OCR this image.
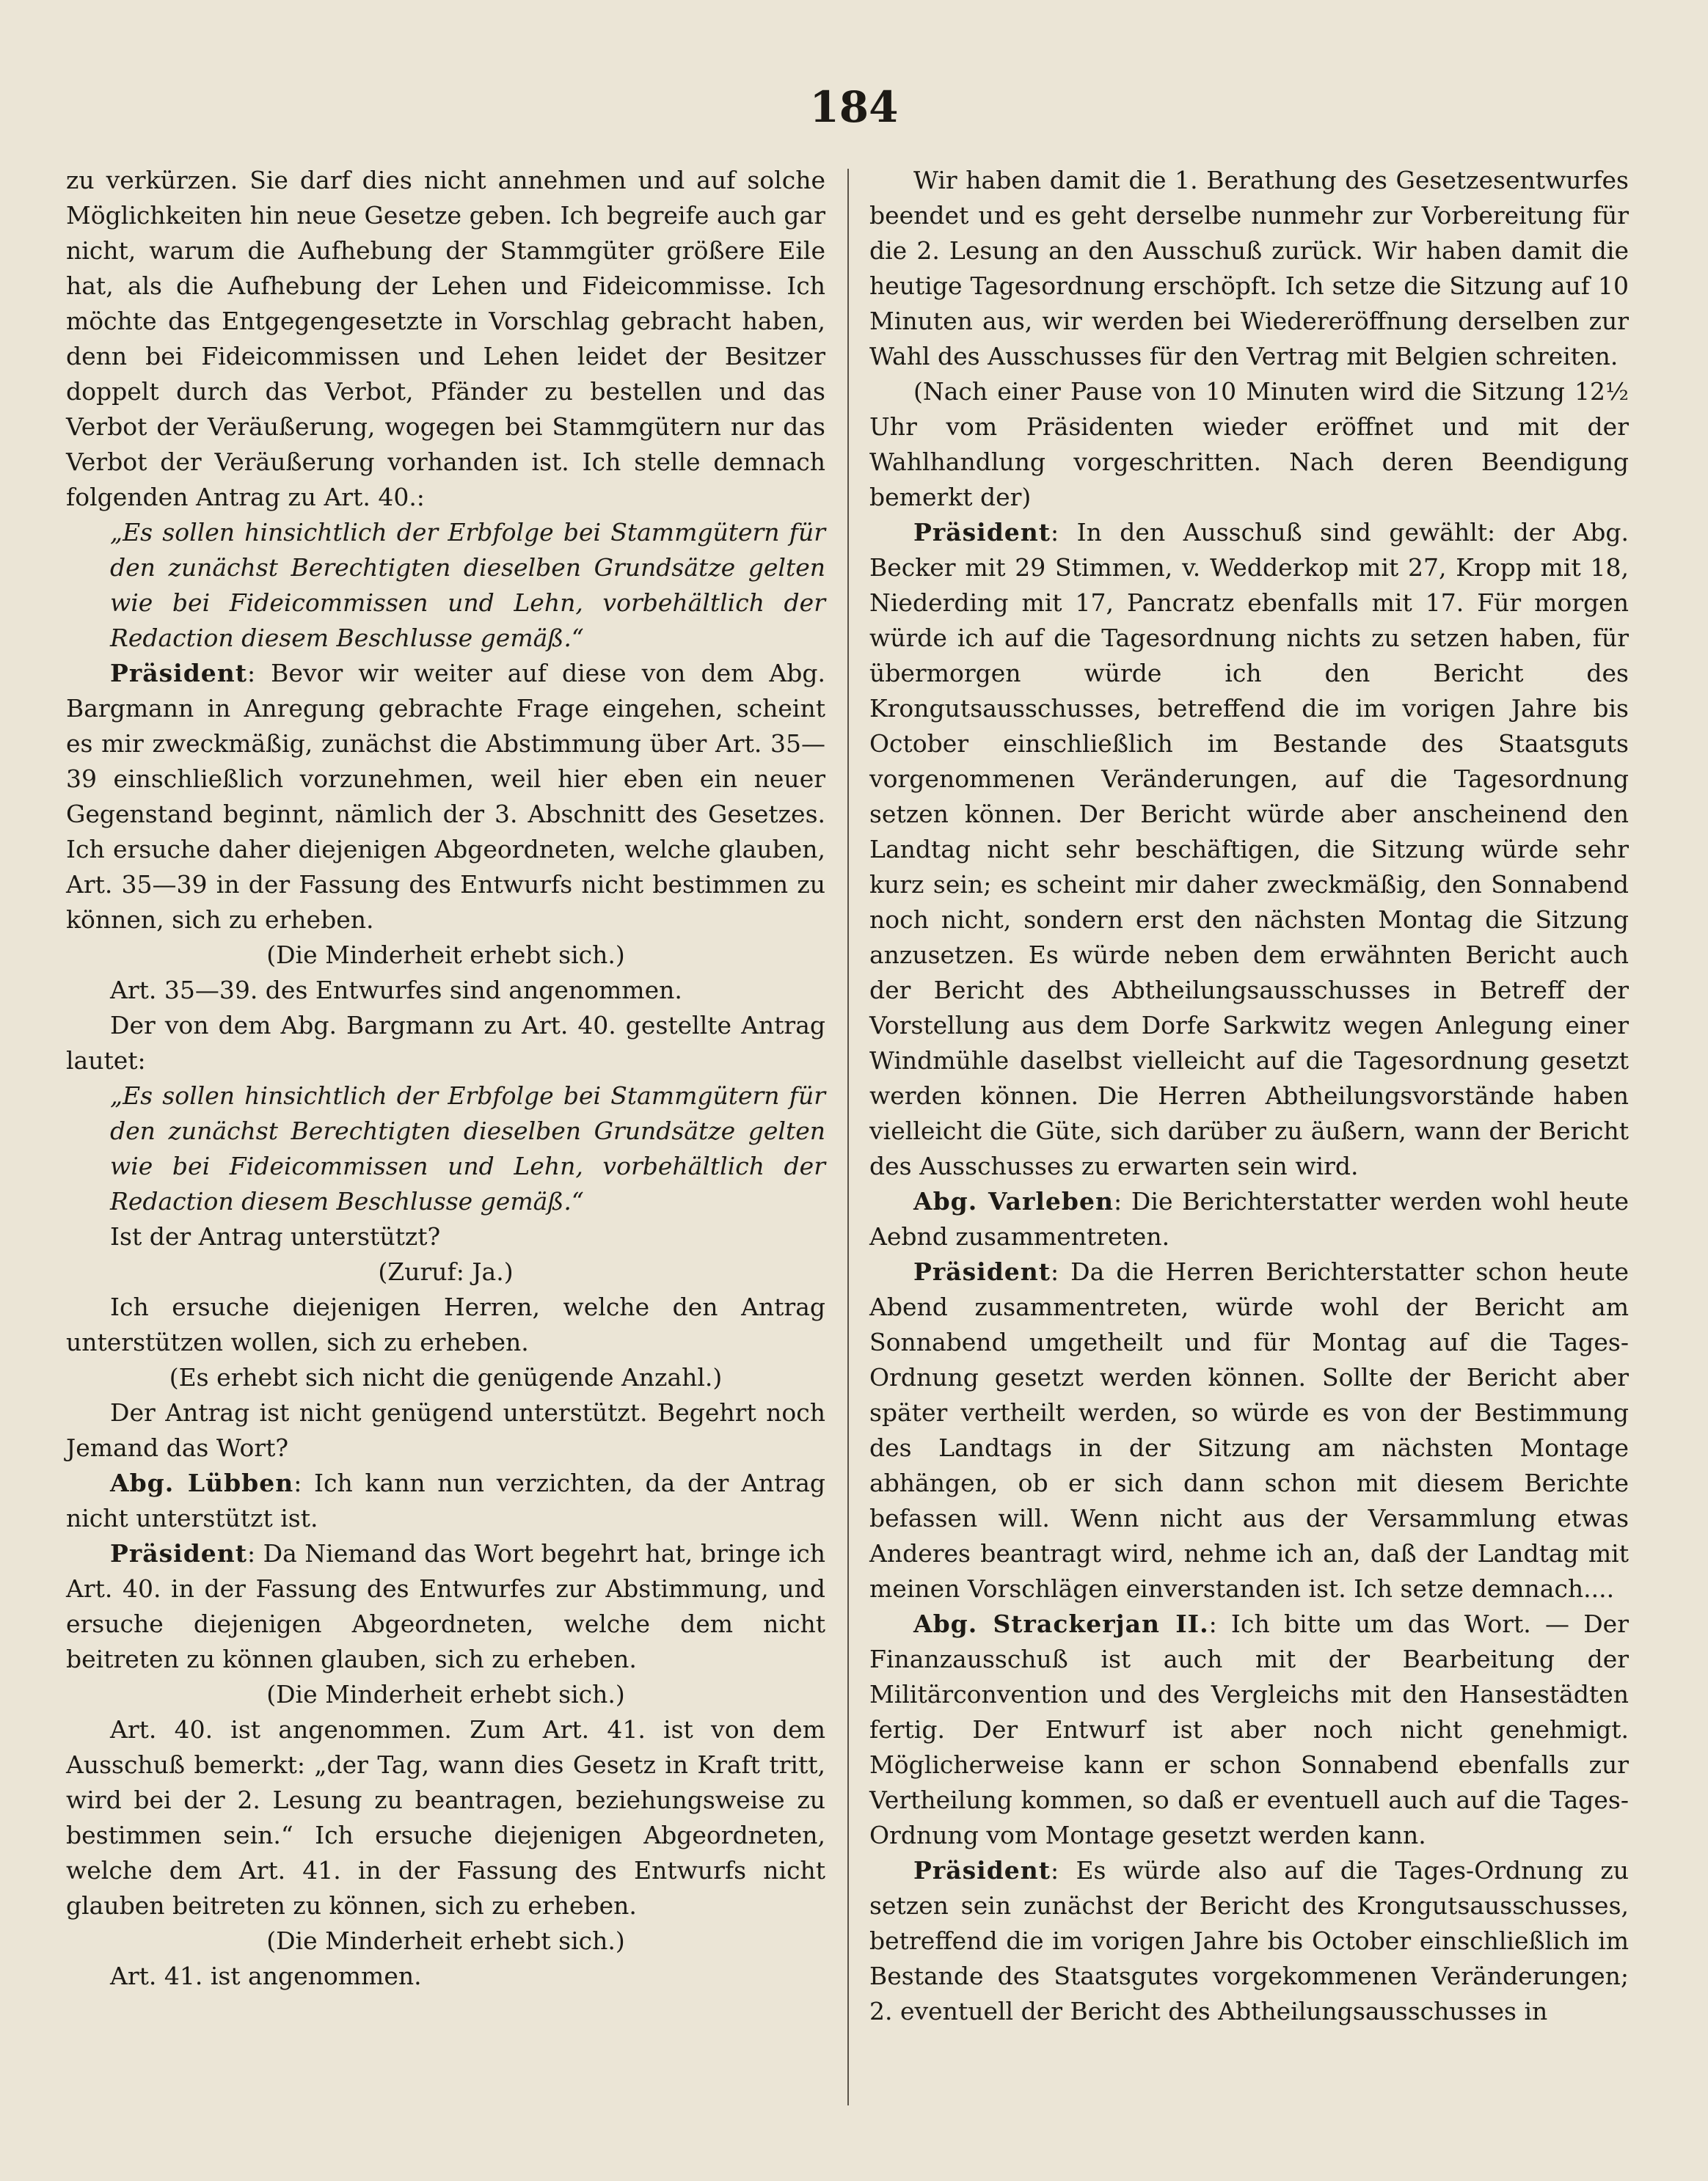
184

zu verkürzen. Sie darf dies nicht annehmen und auf solche Möglichkeiten hin neue Gesetze geben. Ich begreife auch gar nicht, warum die Aufhebung der Stammgüter größere Eile hat, als die Aufhebung der Lehen und Fideicommisse. Ich möchte das Entgegengesetzte in Vorschlag gebracht haben, denn bei Fideicommissen und Lehen leidet der Besitzer doppelt durch das Verbot, Pfänder zu bestellen und das Verbot der Veräußerung, wogegen bei Stammgütern nur das Verbot der Veräußerung vorhanden ist. Ich stelle demnach folgenden Antrag zu Art. 40.:

„Es sollen hinsichtlich der Erbfolge bei Stammgütern für den zunächst Berechtigten dieselben Grundsätze gelten wie bei Fideicommissen und Lehn, vorbehältlich der Redaction diesem Beschlusse gemäß.“

Präsident: Bevor wir weiter auf diese von dem Abg. Bargmann in Anregung gebrachte Frage eingehen, scheint es mir zweckmäßig, zunächst die Abstimmung über Art. 35—39 einschließlich vorzunehmen, weil hier eben ein neuer Gegenstand beginnt, nämlich der 3. Abschnitt des Gesetzes. Ich ersuche daher diejenigen Abgeordneten, welche glauben, Art. 35—39 in der Fassung des Entwurfs nicht bestimmen zu können, sich zu erheben.

(Die Minderheit erhebt sich.)

Art. 35—39. des Entwurfes sind angenommen.

Der von dem Abg. Bargmann zu Art. 40. gestellte Antrag lautet:

„Es sollen hinsichtlich der Erbfolge bei Stammgütern für den zunächst Berechtigten dieselben Grundsätze gelten wie bei Fideicommissen und Lehn, vorbehältlich der Redaction diesem Beschlusse gemäß.“

Ist der Antrag unterstützt?

(Zuruf: Ja.)

Ich ersuche diejenigen Herren, welche den Antrag unterstützen wollen, sich zu erheben.

(Es erhebt sich nicht die genügende Anzahl.)

Der Antrag ist nicht genügend unterstützt. Begehrt noch Jemand das Wort?

Abg. Lübben: Ich kann nun verzichten, da der Antrag nicht unterstützt ist.

Präsident: Da Niemand das Wort begehrt hat, bringe ich Art. 40. in der Fassung des Entwurfes zur Abstimmung, und ersuche diejenigen Abgeordneten, welche dem nicht beitreten zu können glauben, sich zu erheben.

(Die Minderheit erhebt sich.)

Art. 40. ist angenommen. Zum Art. 41. ist von dem Ausschuß bemerkt: „der Tag, wann dies Gesetz in Kraft tritt, wird bei der 2. Lesung zu beantragen, beziehungsweise zu bestimmen sein.“ Ich ersuche diejenigen Abgeordneten, welche dem Art. 41. in der Fassung des Entwurfs nicht glauben beitreten zu können, sich zu erheben.

(Die Minderheit erhebt sich.)

Art. 41. ist angenommen.

Wir haben damit die 1. Berathung des Gesetzesentwurfes beendet und es geht derselbe nunmehr zur Vorbereitung für die 2. Lesung an den Ausschuß zurück. Wir haben damit die heutige Tagesordnung erschöpft. Ich setze die Sitzung auf 10 Minuten aus, wir werden bei Wiedereröffnung derselben zur Wahl des Ausschusses für den Vertrag mit Belgien schreiten.

(Nach einer Pause von 10 Minuten wird die Sitzung 12½ Uhr vom Präsidenten wieder eröffnet und mit der Wahlhandlung vorgeschritten. Nach deren Beendigung bemerkt der)

Präsident: In den Ausschuß sind gewählt: der Abg. Becker mit 29 Stimmen, v. Wedderkop mit 27, Kropp mit 18, Niederding mit 17, Pancratz ebenfalls mit 17. Für morgen würde ich auf die Tagesordnung nichts zu setzen haben, für übermorgen würde ich den Bericht des Krongutsausschusses, betreffend die im vorigen Jahre bis October einschließlich im Bestande des Staatsguts vorgenommenen Veränderungen, auf die Tagesordnung setzen können. Der Bericht würde aber anscheinend den Landtag nicht sehr beschäftigen, die Sitzung würde sehr kurz sein; es scheint mir daher zweckmäßig, den Sonnabend noch nicht, sondern erst den nächsten Montag die Sitzung anzusetzen. Es würde neben dem erwähnten Bericht auch der Bericht des Abtheilungsausschusses in Betreff der Vorstellung aus dem Dorfe Sarkwitz wegen Anlegung einer Windmühle daselbst vielleicht auf die Tagesordnung gesetzt werden können. Die Herren Abtheilungsvorstände haben vielleicht die Güte, sich darüber zu äußern, wann der Bericht des Ausschusses zu erwarten sein wird.

Abg. Varleben: Die Berichterstatter werden wohl heute Aebnd zusammentreten.

Präsident: Da die Herren Berichterstatter schon heute Abend zusammentreten, würde wohl der Bericht am Sonnabend umgetheilt und für Montag auf die Tages-Ordnung gesetzt werden können. Sollte der Bericht aber später vertheilt werden, so würde es von der Bestimmung des Landtags in der Sitzung am nächsten Montage abhängen, ob er sich dann schon mit diesem Berichte befassen will. Wenn nicht aus der Versammlung etwas Anderes beantragt wird, nehme ich an, daß der Landtag mit meinen Vorschlägen einverstanden ist. Ich setze demnach....

Abg. Strackerjan II.: Ich bitte um das Wort. — Der Finanzausschuß ist auch mit der Bearbeitung der Militärconvention und des Vergleichs mit den Hansestädten fertig. Der Entwurf ist aber noch nicht genehmigt. Möglicherweise kann er schon Sonnabend ebenfalls zur Vertheilung kommen, so daß er eventuell auch auf die Tages-Ordnung vom Montage gesetzt werden kann.

Präsident: Es würde also auf die Tages-Ordnung zu setzen sein zunächst der Bericht des Krongutsausschusses, betreffend die im vorigen Jahre bis October einschließlich im Bestande des Staatsgutes vorgekommenen Veränderungen; 2. eventuell der Bericht des Abtheilungsausschusses in
